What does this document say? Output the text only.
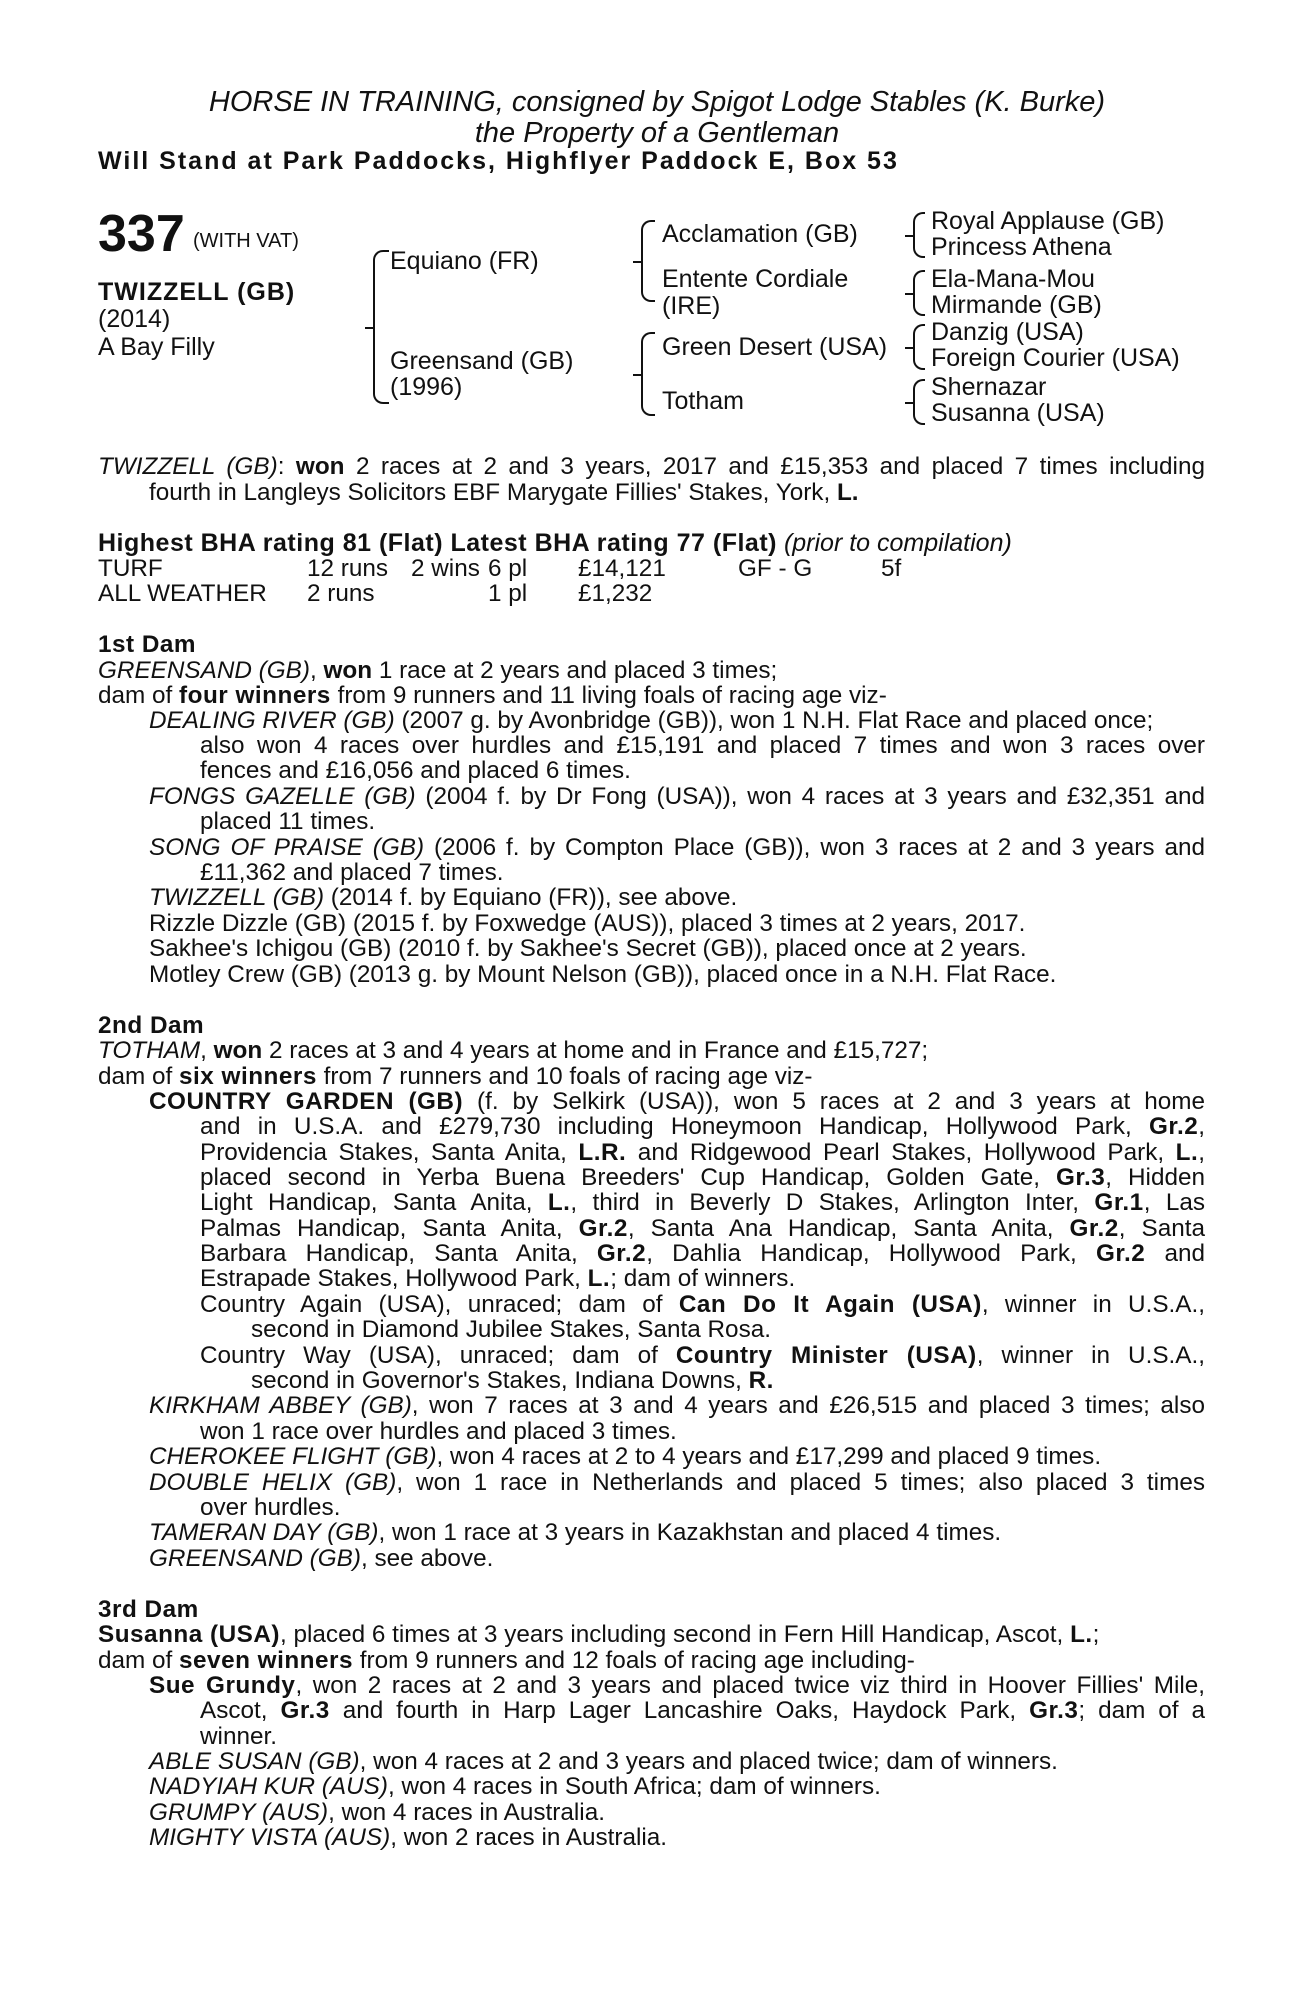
HORSE IN TRAINING, consigned by Spigot Lodge Stables (K. Burke)
the Property of a Gentleman
Will Stand at Park Paddocks, Highflyer Paddock E, Box 53
337 (WITH VAT)
TWIZZELL (GB)
(2014)
A Bay Filly
Equiano (FR)
Greensand (GB)
(1996)
Acclamation (GB)
Entente Cordiale
(IRE)
Green Desert (USA)
Totham
Royal Applause (GB)
Princess Athena
Ela-Mana-Mou
Mirmande (GB)
Danzig (USA)
Foreign Courier (USA)
Shernazar
Susanna (USA)
TWIZZELL (GB): won 2 races at 2 and 3 years, 2017 and £15,353 and placed 7 times including
fourth in Langleys Solicitors EBF Marygate Fillies' Stakes, York, L.
Highest BHA rating 81 (Flat) Latest BHA rating 77 (Flat) (prior to compilation)
TURF	12 runs 2 wins 6 pl £14,121	GF - G	5f
ALL WEATHER 2 runs	1 pl £1,232
1st Dam
GREENSAND (GB), won 1 race at 2 years and placed 3 times;
dam of four winners from 9 runners and 11 living foals of racing age viz-
DEALING RIVER (GB) (2007 g. by Avonbridge (GB)), won 1 N.H. Flat Race and placed once;
also won 4 races over hurdles and £15,191 and placed 7 times and won 3 races over
fences and £16,056 and placed 6 times.
FONGS GAZELLE (GB) (2004 f. by Dr Fong (USA)), won 4 races at 3 years and £32,351 and
placed 11 times.
SONG OF PRAISE (GB) (2006 f. by Compton Place (GB)), won 3 races at 2 and 3 years and
£11,362 and placed 7 times.
TWIZZELL (GB) (2014 f. by Equiano (FR)), see above.
Rizzle Dizzle (GB) (2015 f. by Foxwedge (AUS)), placed 3 times at 2 years, 2017.
Sakhee's Ichigou (GB) (2010 f. by Sakhee's Secret (GB)), placed once at 2 years.
Motley Crew (GB) (2013 g. by Mount Nelson (GB)), placed once in a N.H. Flat Race.
2nd Dam
TOTHAM, won 2 races at 3 and 4 years at home and in France and £15,727;
dam of six winners from 7 runners and 10 foals of racing age viz-
COUNTRY GARDEN (GB) (f. by Selkirk (USA)), won 5 races at 2 and 3 years at home
and in U.S.A. and £279,730 including Honeymoon Handicap, Hollywood Park, Gr.2,
Providencia Stakes, Santa Anita, L.R. and Ridgewood Pearl Stakes, Hollywood Park, L.,
placed second in Yerba Buena Breeders' Cup Handicap, Golden Gate, Gr.3, Hidden
Light Handicap, Santa Anita, L., third in Beverly D Stakes, Arlington Inter, Gr.1, Las
Palmas Handicap, Santa Anita, Gr.2, Santa Ana Handicap, Santa Anita, Gr.2, Santa
Barbara Handicap, Santa Anita, Gr.2, Dahlia Handicap, Hollywood Park, Gr.2 and
Estrapade Stakes, Hollywood Park, L.; dam of winners.
Country Again (USA), unraced; dam of Can Do It Again (USA), winner in U.S.A.,
second in Diamond Jubilee Stakes, Santa Rosa.
Country Way (USA), unraced; dam of Country Minister (USA), winner in U.S.A.,
second in Governor's Stakes, Indiana Downs, R.
KIRKHAM ABBEY (GB), won 7 races at 3 and 4 years and £26,515 and placed 3 times; also
won 1 race over hurdles and placed 3 times.
CHEROKEE FLIGHT (GB), won 4 races at 2 to 4 years and £17,299 and placed 9 times.
DOUBLE HELIX (GB), won 1 race in Netherlands and placed 5 times; also placed 3 times
over hurdles.
TAMERAN DAY (GB), won 1 race at 3 years in Kazakhstan and placed 4 times.
GREENSAND (GB), see above.
3rd Dam
Susanna (USA), placed 6 times at 3 years including second in Fern Hill Handicap, Ascot, L.;
dam of seven winners from 9 runners and 12 foals of racing age including-
Sue Grundy, won 2 races at 2 and 3 years and placed twice viz third in Hoover Fillies' Mile,
Ascot, Gr.3 and fourth in Harp Lager Lancashire Oaks, Haydock Park, Gr.3; dam of a
winner.
ABLE SUSAN (GB), won 4 races at 2 and 3 years and placed twice; dam of winners.
NADYIAH KUR (AUS), won 4 races in South Africa; dam of winners.
GRUMPY (AUS), won 4 races in Australia.
MIGHTY VISTA (AUS), won 2 races in Australia.
